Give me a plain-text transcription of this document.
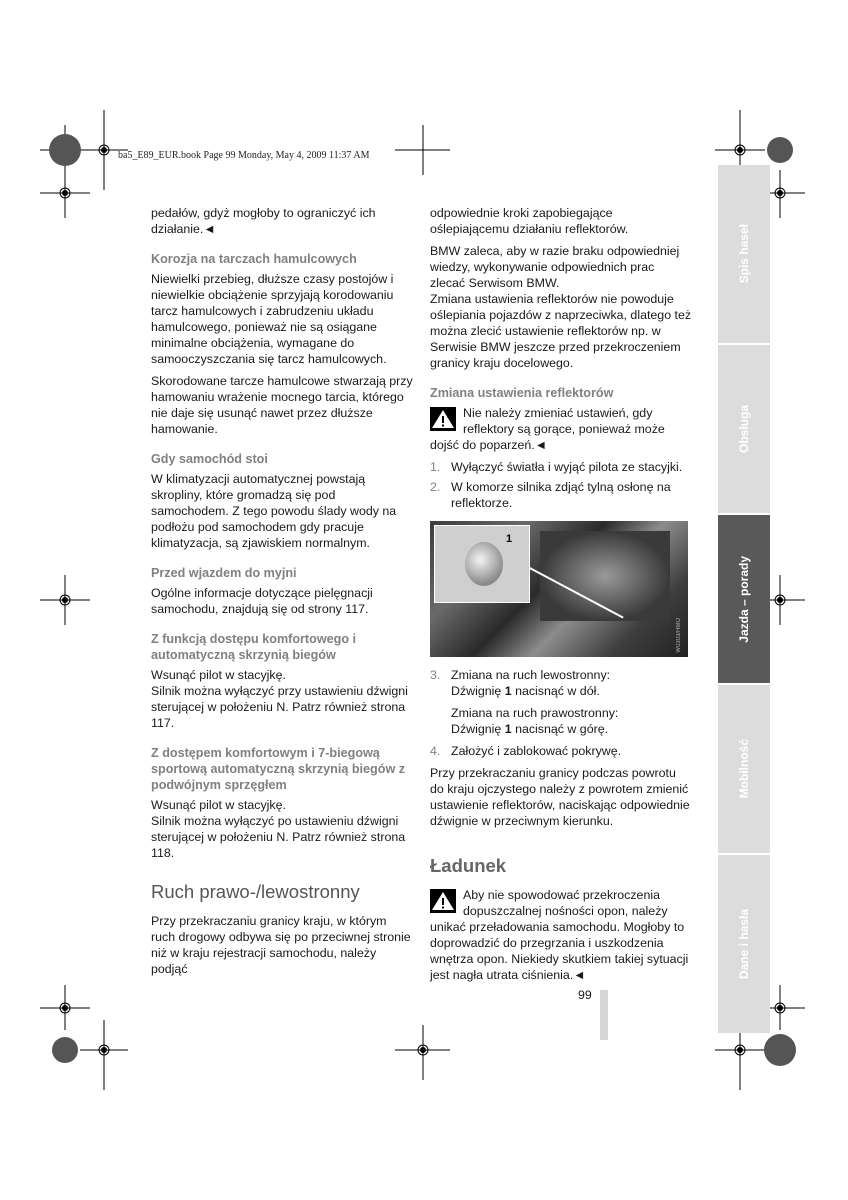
ba5_E89_EUR.book Page 99 Monday, May 4, 2009 11:37 AM

pedałów, gdyż mogłoby to ograniczyć ich działanie.◄

Korozja na tarczach hamulcowych

Niewielki przebieg, dłuższe czasy postojów i niewielkie obciążenie sprzyjają korodowaniu tarcz hamulcowych i zabrudzeniu układu hamulcowego, ponieważ nie są osiągane minimalne obciążenia, wymagane do samooczyszczania się tarcz hamulcowych.

Skorodowane tarcze hamulcowe stwarzają przy hamowaniu wrażenie mocnego tarcia, którego nie daje się usunąć nawet przez dłuższe hamowanie.

Gdy samochód stoi

W klimatyzacji automatycznej powstają skropliny, które gromadzą się pod samochodem. Z tego powodu ślady wody na podłożu pod samochodem gdy pracuje klimatyzacja, są zjawiskiem normalnym.

Przed wjazdem do myjni

Ogólne informacje dotyczące pielęgnacji samochodu, znajdują się od strony 117.

Z funkcją dostępu komfortowego i automatyczną skrzynią biegów

Wsunąć pilot w stacyjkę.

Silnik można wyłączyć przy ustawieniu dźwigni sterującej w położeniu N. Patrz również strona 117.

Z dostępem komfortowym i 7-biegową sportową automatyczną skrzynią biegów z podwójnym sprzęgłem

Wsunąć pilot w stacyjkę.

Silnik można wyłączyć po ustawieniu dźwigni sterującej w położeniu N. Patrz również strona 118.

Ruch prawo-/lewostronny

Przy przekraczaniu granicy kraju, w którym ruch drogowy odbywa się po przeciwnej stronie niż w kraju rejestracji samochodu, należy podjąć

odpowiednie kroki zapobiegające oślepiającemu działaniu reflektorów.

BMW zaleca, aby w razie braku odpowiedniej wiedzy, wykonywanie odpowiednich prac zlecać Serwisom BMW.

Zmiana ustawienia reflektorów nie powoduje oślepiania pojazdów z naprzeciwka, dlatego też można zlecić ustawienie reflektorów np. w Serwisie BMW jeszcze przed przekroczeniem granicy kraju docelowego.

Zmiana ustawienia reflektorów
Nie należy zmieniać ustawień, gdy reflektory są gorące, ponieważ może
dojść do poparzeń.◄
1. Wyłączyć światła i wyjąć pilota ze stacyjki.
2. W komorze silnika zdjąć tylną osłonę na reflektorze.
1
W0303/HMO
3. Zmiana na ruch lewostronny:
Dźwignię 1 nacisnąć w dół.
Zmiana na ruch prawostronny:
Dźwignię 1 nacisnąć w górę.
4. Założyć i zablokować pokrywę.

Przy przekraczaniu granicy podczas powrotu do kraju ojczystego należy z powrotem zmienić ustawienie reflektorów, naciskając odpowiednie dźwignie w przeciwnym kierunku.

Ładunek
Aby nie spowodować przekroczenia dopuszczalnej nośności opon, należy
unikać przeładowania samochodu. Mogłoby to doprowadzić do przegrzania i uszkodzenia wnętrza opon. Niekiedy skutkiem takiej sytuacji jest nagła utrata ciśnienia.◄
Spis haseł
Obsługa
Jazda – porady
Mobilność
Dane i hasła
99
